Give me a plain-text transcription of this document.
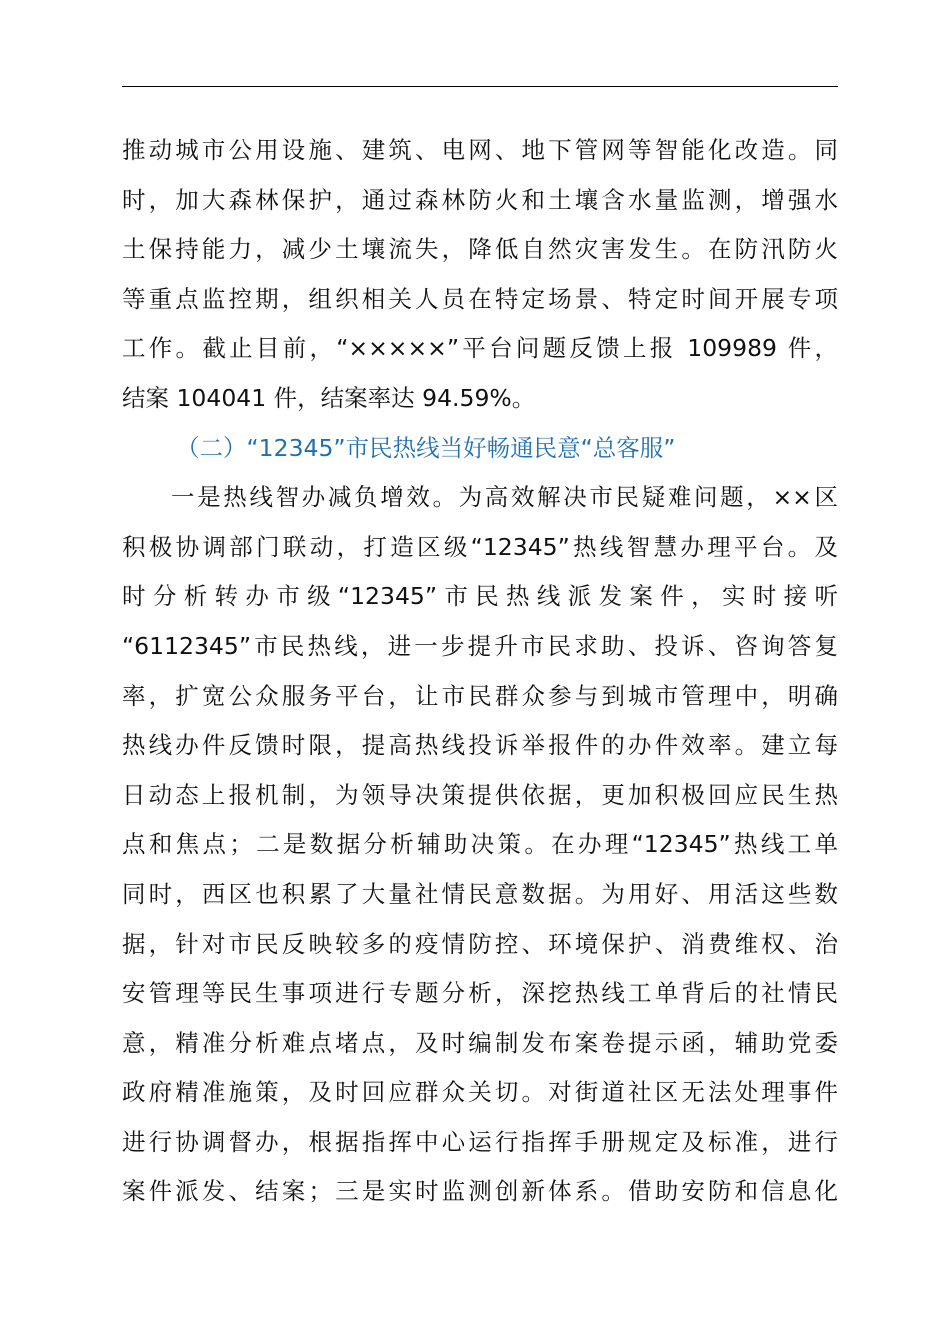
推动城市公用设施、建筑、电网、地下管网等智能化改造。同
时，加大森林保护，通过森林防火和土壤含水量监测，增强水
土保持能力，减少土壤流失，降低自然灾害发生。在防汛防火
等重点监控期，组织相关人员在特定场景、特定时间开展专项
工作。截止目前，“×××××”平台问题反馈上报 109989 件，
结案 104041 件，结案率达 94.59%。
（二）“12345”市民热线当好畅通民意“总客服”
一是热线智办减负增效。为高效解决市民疑难问题，××区
积极协调部门联动，打造区级“12345”热线智慧办理平台。及
时分析转办市级“12345”市民热线派发案件，实时接听
“6112345”市民热线，进一步提升市民求助、投诉、咨询答复
率，扩宽公众服务平台，让市民群众参与到城市管理中，明确
热线办件反馈时限，提高热线投诉举报件的办件效率。建立每
日动态上报机制，为领导决策提供依据，更加积极回应民生热
点和焦点；二是数据分析辅助决策。在办理“12345”热线工单
同时，西区也积累了大量社情民意数据。为用好、用活这些数
据，针对市民反映较多的疫情防控、环境保护、消费维权、治
安管理等民生事项进行专题分析，深挖热线工单背后的社情民
意，精准分析难点堵点，及时编制发布案卷提示函，辅助党委
政府精准施策，及时回应群众关切。对街道社区无法处理事件
进行协调督办，根据指挥中心运行指挥手册规定及标准，进行
案件派发、结案；三是实时监测创新体系。借助安防和信息化
